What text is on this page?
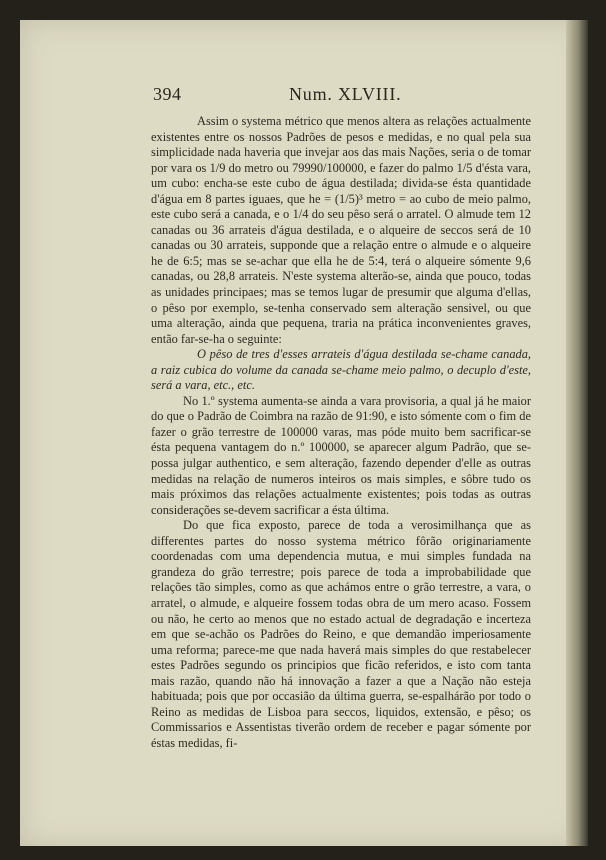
394	Num. XLVIII.

Assim o systema métrico que menos altera as relações actualmente existentes entre os nossos Padrões de pesos e medidas, e no qual pela sua simplicidade nada haveria que invejar aos das mais Nações, seria o de tomar por vara os 1/9 do metro ou 79990/100000, e fazer do palmo 1/5 d'ésta vara, um cubo: encha-se este cubo de água destilada; divida-se ésta quantidade d'água em 8 partes iguaes, que he = (1/5)³ metro = ao cubo de meio palmo, este cubo será a canada, e o 1/4 do seu pêso será o arratel. O almude tem 12 canadas ou 36 arrateis d'água destilada, e o alqueire de seccos será de 10 canadas ou 30 arrateis, supponde que a relação entre o almude e o alqueire he de 6:5; mas se se-achar que ella he de 5:4, terá o alqueire sómente 9,6 canadas, ou 28,8 arrateis. N'este systema alterão-se, ainda que pouco, todas as unidades principaes; mas se temos lugar de presumir que alguma d'ellas, o pêso por exemplo, se-tenha conservado sem alteração sensivel, ou que uma alteração, ainda que pequena, traria na prática inconvenientes graves, então far-se-ha o seguinte:

O pêso de tres d'esses arrateis d'água destilada se-chame canada, a raiz cubica do volume da canada se-chame meio palmo, o decuplo d'este, será a vara, etc., etc.

No 1.º systema aumenta-se ainda a vara provisoria, a qual já he maior do que o Padrão de Coimbra na razão de 91:90, e isto sómente com o fim de fazer o grão terrestre de 100000 varas, mas póde muito bem sacrificar-se ésta pequena vantagem do n.º 100000, se aparecer algum Padrão, que se-possa julgar authentico, e sem alteração, fazendo depender d'elle as outras medidas na relação de numeros inteiros os mais simples, e sôbre tudo os mais próximos das relações actualmente existentes; pois todas as outras considerações se-devem sacrificar a ésta última.

Do que fica exposto, parece de toda a verosimilhança que as differentes partes do nosso systema métrico fôrão originariamente coordenadas com uma dependencia mutua, e mui simples fundada na grandeza do grão terrestre; pois parece de toda a improbabilidade que relações tão simples, como as que achámos entre o grão terrestre, a vara, o arratel, o almude, e alqueire fossem todas obra de um mero acaso. Fossem ou não, he certo ao menos que no estado actual de degradação e incerteza em que se-achão os Padrões do Reino, e que demandão imperiosamente uma reforma; parece-me que nada haverá mais simples do que restabelecer estes Padrões segundo os principios que ficão referidos, e isto com tanta mais razão, quando não há innovação a fazer a que a Nação não esteja habituada; pois que por occasião da última guerra, se-espalhárão por todo o Reino as medidas de Lisboa para seccos, liquidos, extensão, e pêso; os Commissarios e Assentistas tiverão ordem de receber e pagar sómente por éstas medidas, fi-
